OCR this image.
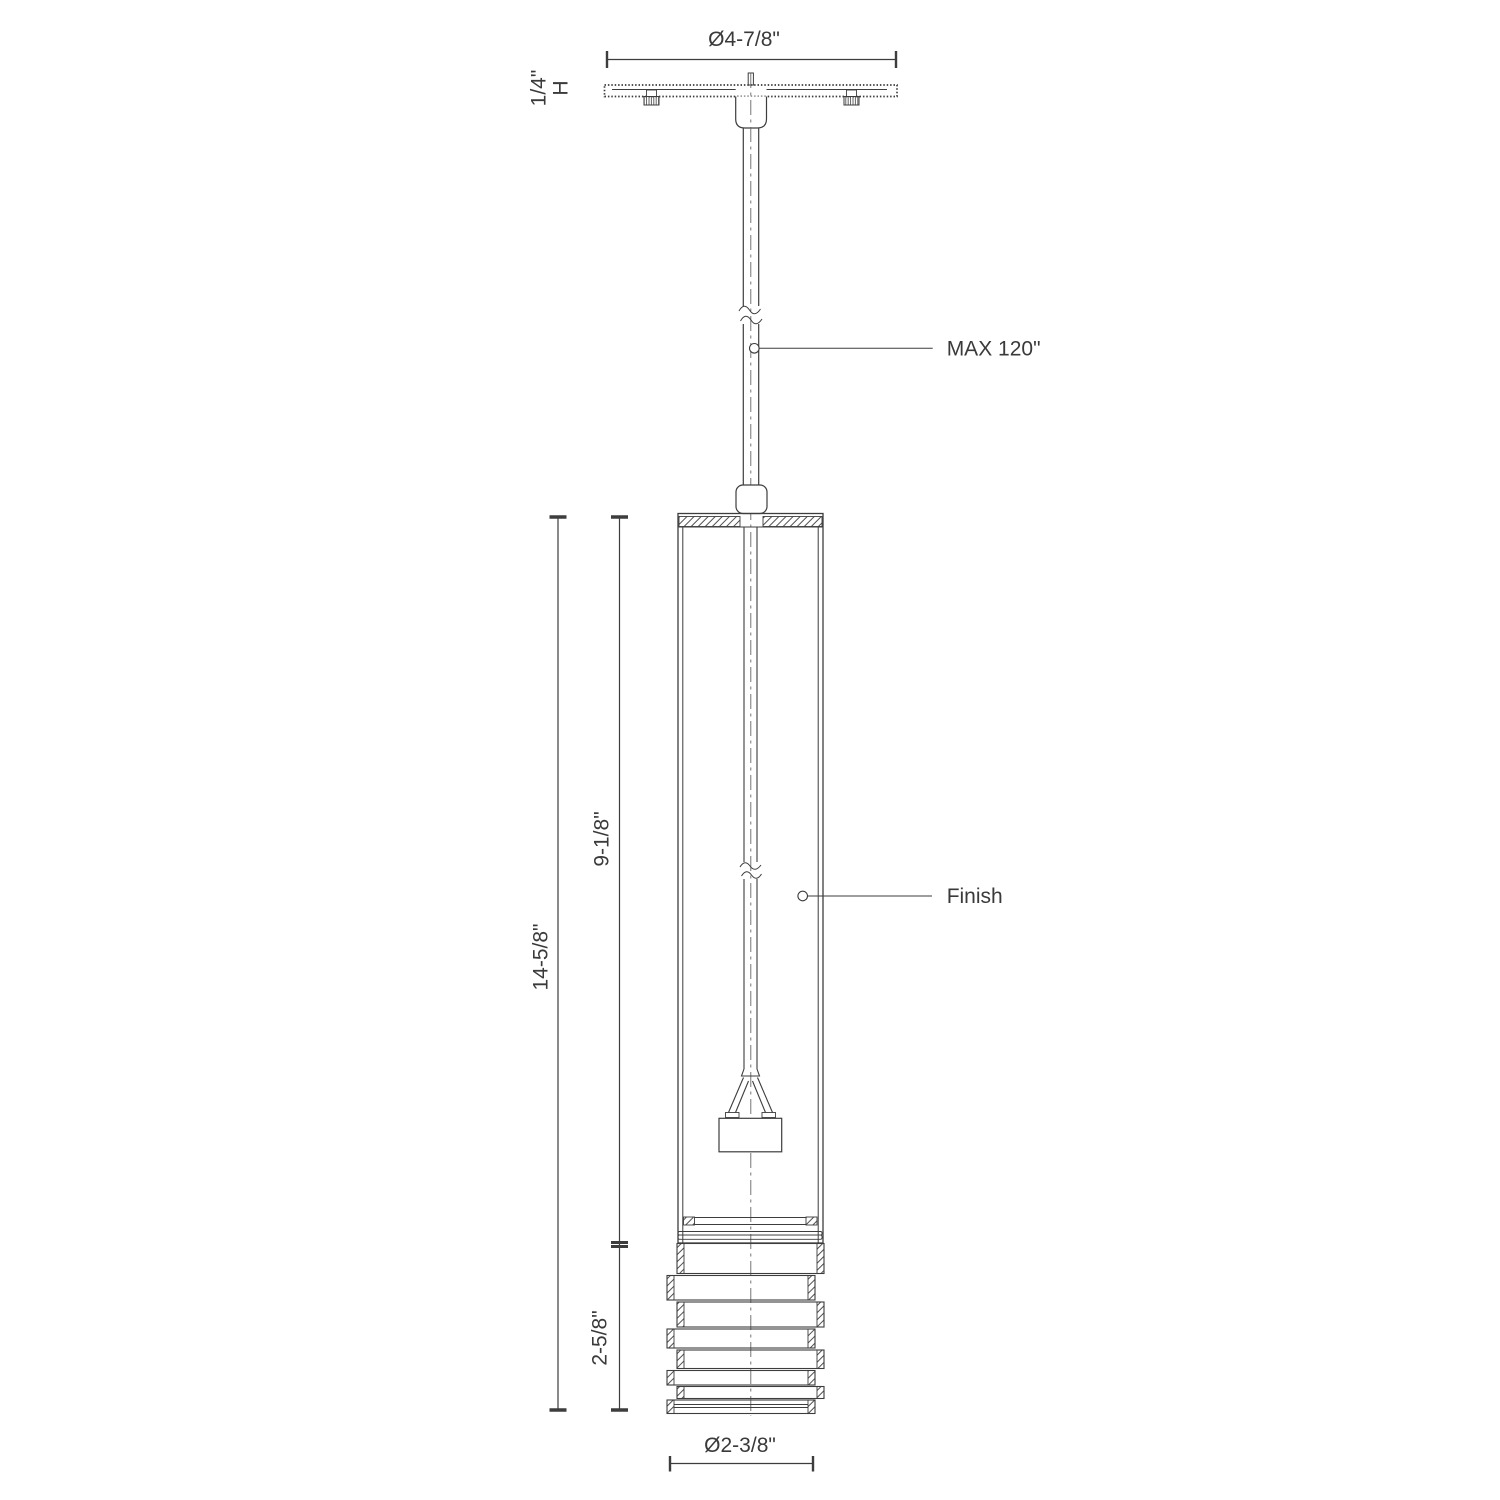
Ø4-7/8"
1/4" H
MAX 120"
Finish
14-5/8"
9-1/8"
2-5/8"
Ø2-3/8"
